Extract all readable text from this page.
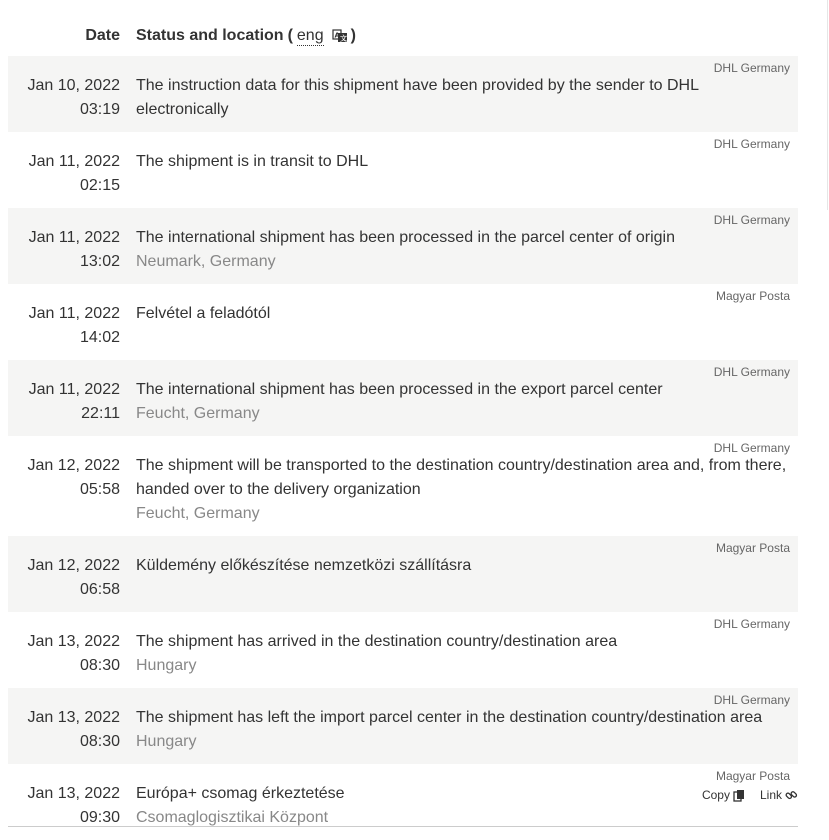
Date Status and location ( eng A 文 )
Jan 10, 2022
03:19
The instruction data for this shipment have been provided by the sender to DHL electronically
DHL Germany
Jan 11, 2022
02:15
The shipment is in transit to DHL
DHL Germany
Jan 11, 2022
13:02
The international shipment has been processed in the parcel center of origin
Neumark, Germany
DHL Germany
Jan 11, 2022
14:02
Felvétel a feladótól
Magyar Posta
Jan 11, 2022
22:11
The international shipment has been processed in the export parcel center
Feucht, Germany
DHL Germany
Jan 12, 2022
05:58
The shipment will be transported to the destination country/destination area and, from there, handed over to the delivery organization
Feucht, Germany
DHL Germany
Jan 12, 2022
06:58
Küldemény előkészítése nemzetközi szállításra
Magyar Posta
Jan 13, 2022
08:30
The shipment has arrived in the destination country/destination area
Hungary
DHL Germany
Jan 13, 2022
08:30
The shipment has left the import parcel center in the destination country/destination area
Hungary
DHL Germany
Jan 13, 2022
09:30
Európa+ csomag érkeztetése
Csomaglogisztikai Központ
Magyar Posta
Copy	Link
